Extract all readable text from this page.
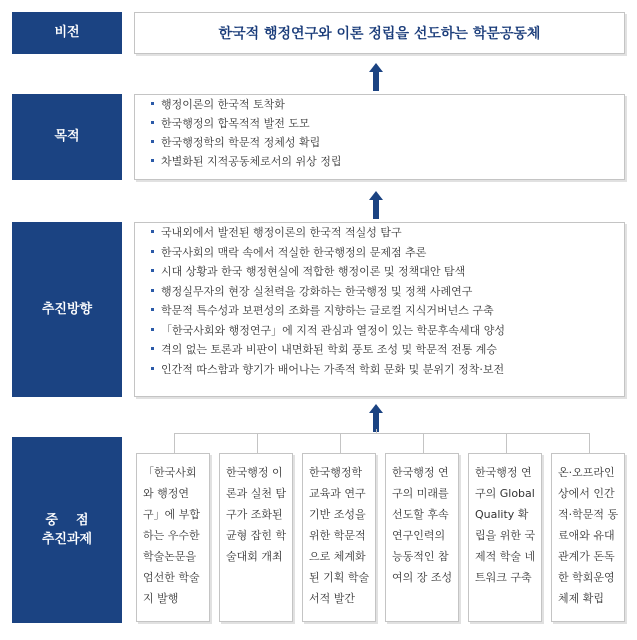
비전
목적
추진방향
중    점
추진과제
한국적 행정연구와 이론 정립을 선도하는 학문공동체
행정이론의 한국적 토착화
한국행정의 합목적적 발전 도모
한국행정학의 학문적 정체성 확립
차별화된 지적공동체로서의 위상 정립
국내외에서 발전된 행정이론의 한국적 적실성 탐구
한국사회의 맥락 속에서 적실한 한국행정의 문제점 추론
시대 상황과 한국 행정현실에 적합한 행정이론 및 정책대안 탐색
행정실무자의 현장 실천력을 강화하는 한국행정 및 정책 사례연구
학문적 특수성과 보편성의 조화를 지향하는 글로컬 지식거버넌스 구축
「한국사회와 행정연구」에 지적 관심과 열정이 있는 학문후속세대 양성
격의 없는 토론과 비판이 내면화된 학회 풍토 조성 및 학문적 전통 계승
인간적 따스함과 향기가 배어나는 가족적 학회 문화 및 분위기 정착·보전
「한국사회와 행정연구」에 부합하는 우수한 학술논문을 엄선한 학술지 발행
한국행정 이론과 실천 탐구가 조화된 균형 잡힌 학술대회 개최
한국행정학 교육과 연구 기반 조성을 위한 학문적으로 체계화된 기획 학술서적 발간
한국행정 연구의 미래를 선도할 후속 연구인력의 능동적인 참여의 장 조성
한국행정 연구의 Global Quality 확립을 위한 국제적 학술 네트워크 구축
온·오프라인 상에서 인간적·학문적 동료애와 유대관계가 돈독한 학회운영체제 확립
